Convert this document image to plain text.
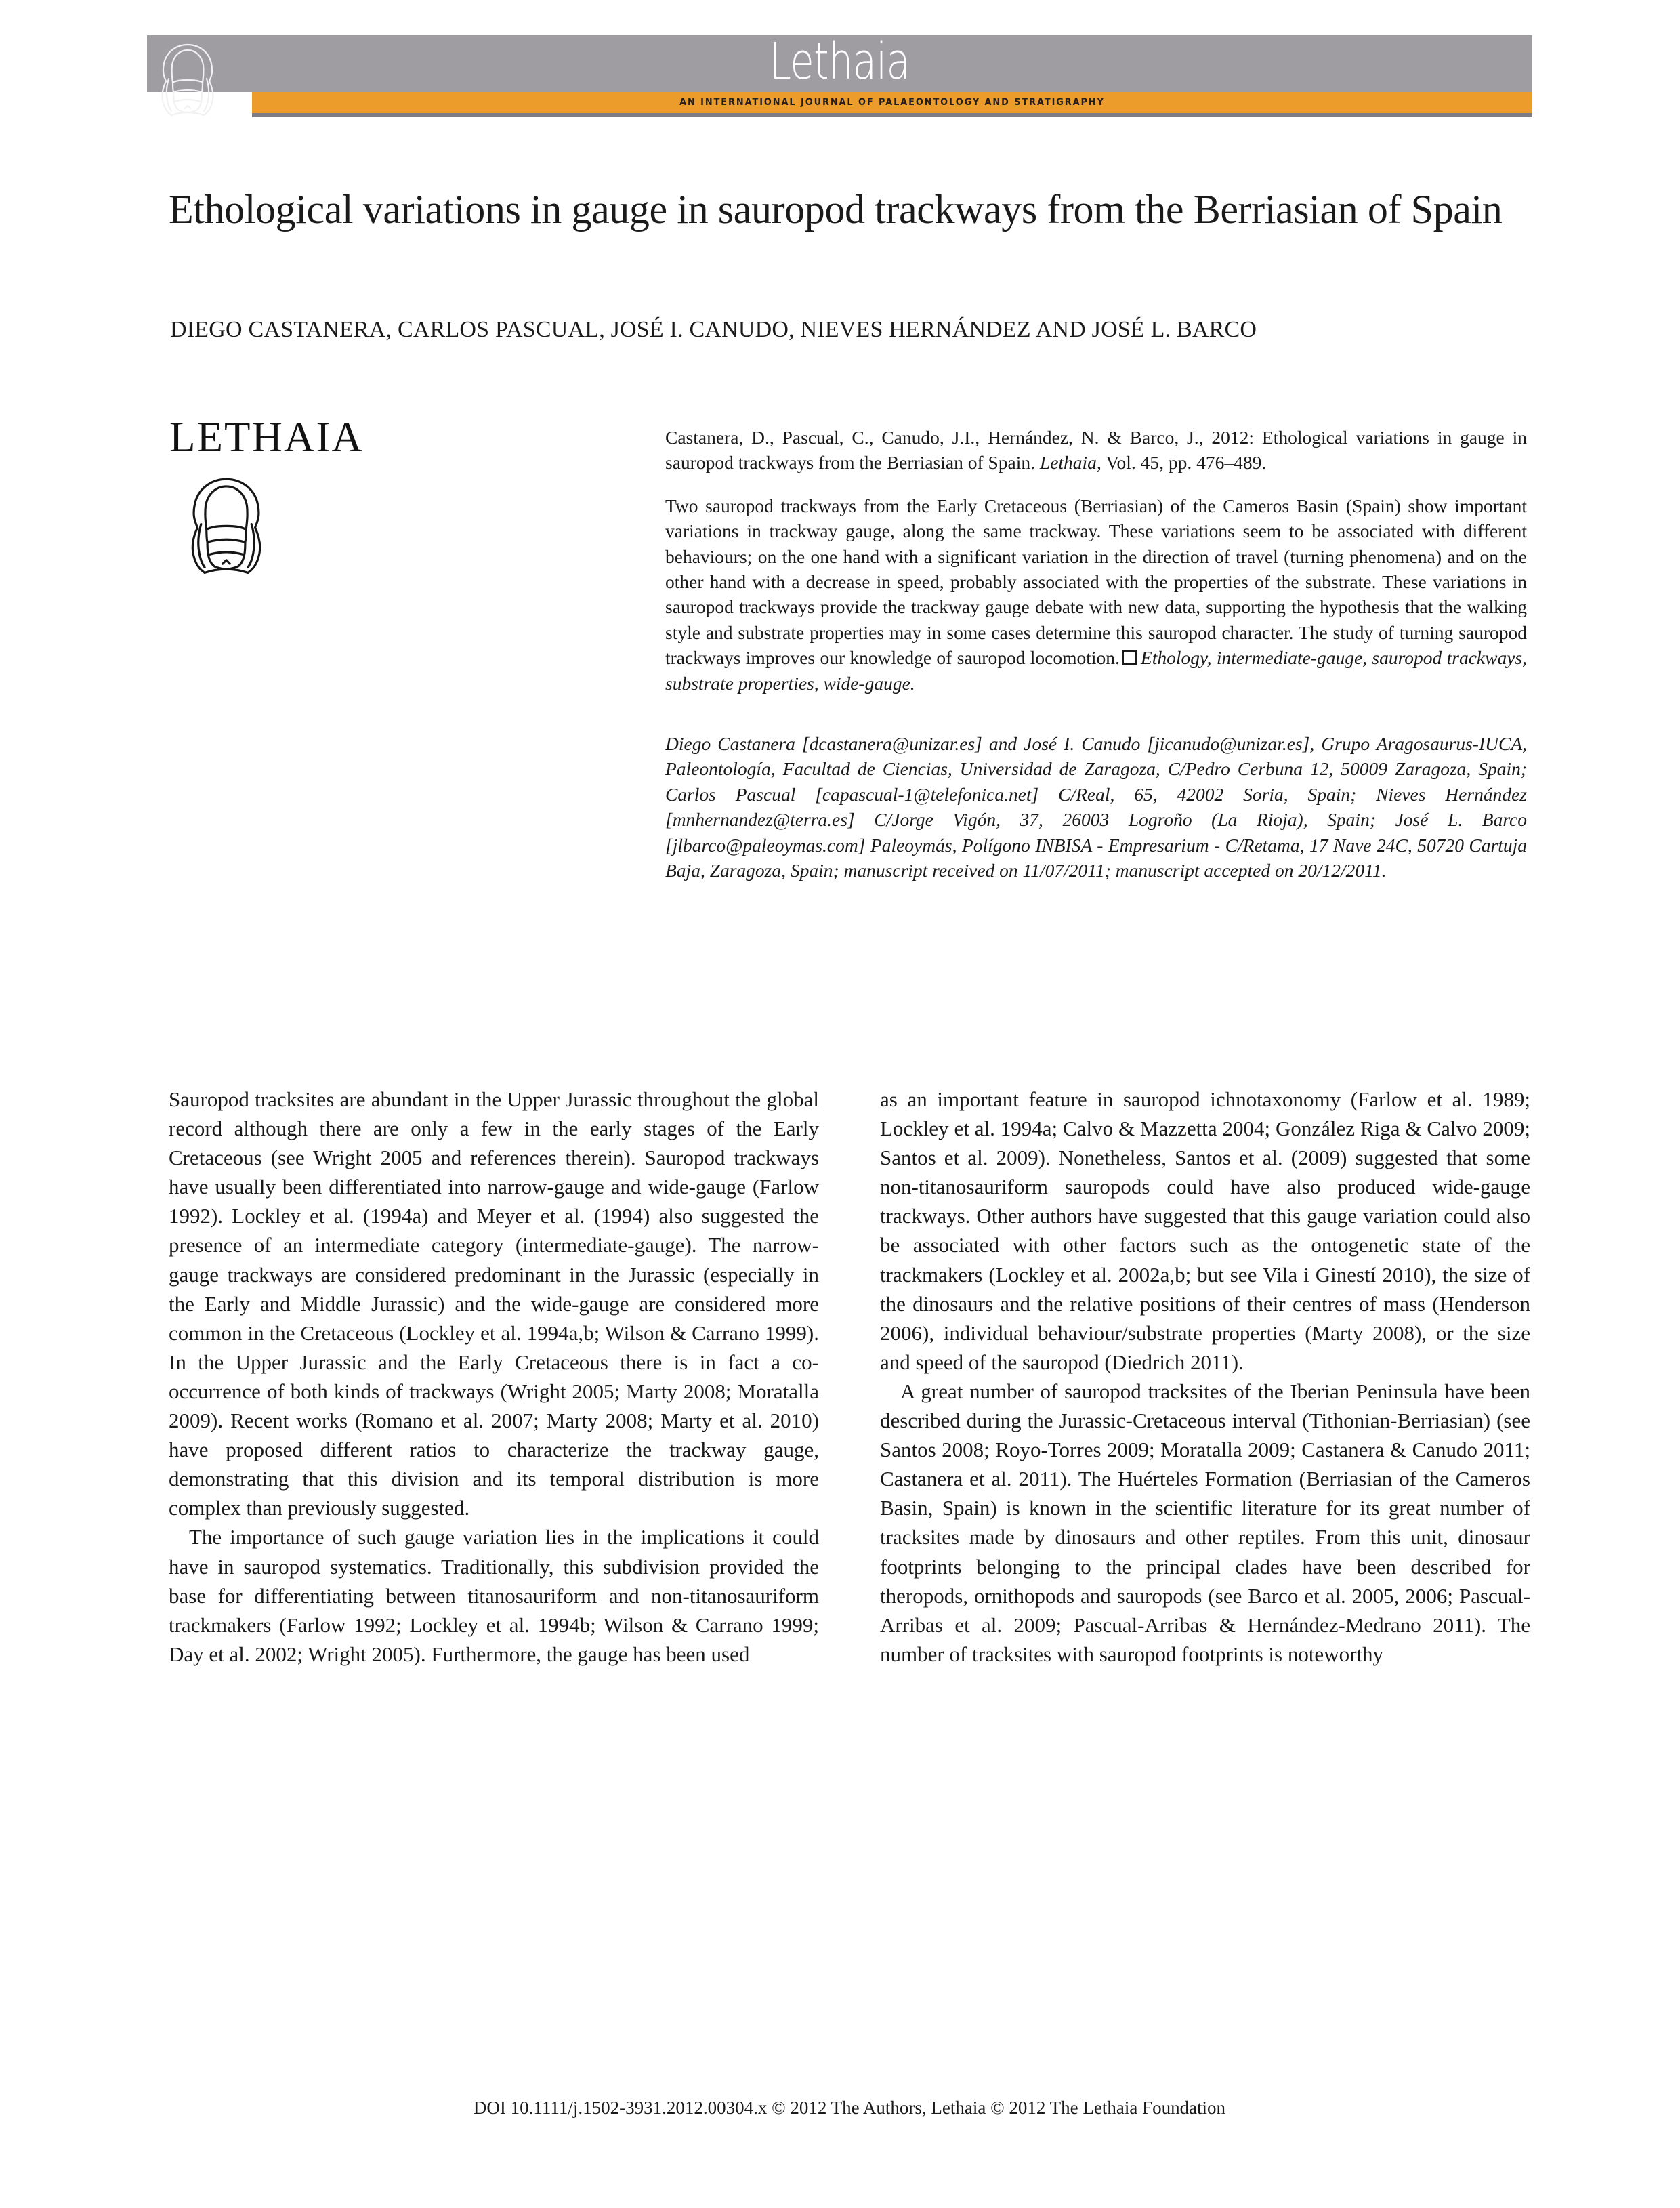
Lethaia
AN INTERNATIONAL JOURNAL OF PALAEONTOLOGY AND STRATIGRAPHY
Ethological variations in gauge in sauropod trackways from the Berriasian of Spain
DIEGO CASTANERA, CARLOS PASCUAL, JOSÉ I. CANUDO, NIEVES HERNÁNDEZ AND JOSÉ L. BARCO
LETHAIA	Castanera, D., Pascual, C., Canudo, J.I., Hernández, N. & Barco, J., 2012: Ethological variations in gauge in sauropod trackways from the Berriasian of Spain. Lethaia, Vol. 45, pp. 476–489.
Two sauropod trackways from the Early Cretaceous (Berriasian) of the Cameros Basin (Spain) show important variations in trackway gauge, along the same trackway. These variations seem to be associated with different behaviours; on the one hand with a significant variation in the direction of travel (turning phenomena) and on the other hand with a decrease in speed, probably associated with the properties of the substrate. These variations in sauropod trackways provide the trackway gauge debate with new data, supporting the hypothesis that the walking style and substrate properties may in some cases determine this sauropod character. The study of turning sauropod trackways improves our knowledge of sauropod locomotion. Ethology, intermediate-gauge, sauropod trackways, substrate properties, wide-gauge.
Diego Castanera [dcastanera@unizar.es] and José I. Canudo [jicanudo@unizar.es], Grupo Aragosaurus-IUCA, Paleontología, Facultad de Ciencias, Universidad de Zaragoza, C/Pedro Cerbuna 12, 50009 Zaragoza, Spain; Carlos Pascual [capascual-1@telefonica.net] C/Real, 65, 42002 Soria, Spain; Nieves Hernández [mnhernandez@terra.es] C/Jorge Vigón, 37, 26003 Logroño (La Rioja), Spain; José L. Barco [jlbarco@paleoymas.com] Paleoymás, Polígono INBISA - Empresarium - C/Retama, 17 Nave 24C, 50720 Cartuja Baja, Zaragoza, Spain; manuscript received on 11/07/2011; manuscript accepted on 20/12/2011.

Sauropod tracksites are abundant in the Upper Jurassic throughout the global record although there are only a few in the early stages of the Early Cretaceous (see Wright 2005 and references therein). Sauropod trackways have usually been differentiated into narrow-gauge and wide-gauge (Farlow 1992). Lockley et al. (1994a) and Meyer et al. (1994) also suggested the presence of an intermediate category (intermediate-gauge). The narrow-gauge trackways are considered predominant in the Jurassic (especially in the Early and Middle Jurassic) and the wide-gauge are considered more common in the Cretaceous (Lockley et al. 1994a,b; Wilson & Carrano 1999). In the Upper Jurassic and the Early Cretaceous there is in fact a co-occurrence of both kinds of trackways (Wright 2005; Marty 2008; Moratalla 2009). Recent works (Romano et al. 2007; Marty 2008; Marty et al. 2010) have proposed different ratios to characterize the trackway gauge, demonstrating that this division and its temporal distribution is more complex than previously suggested.

The importance of such gauge variation lies in the implications it could have in sauropod systematics. Traditionally, this subdivision provided the base for differentiating between titanosauriform and non-titanosauriform trackmakers (Farlow 1992; Lockley et al. 1994b; Wilson & Carrano 1999; Day et al. 2002; Wright 2005). Furthermore, the gauge has been used

as an important feature in sauropod ichnotaxonomy (Farlow et al. 1989; Lockley et al. 1994a; Calvo & Mazzetta 2004; González Riga & Calvo 2009; Santos et al. 2009). Nonetheless, Santos et al. (2009) suggested that some non-titanosauriform sauropods could have also produced wide-gauge trackways. Other authors have suggested that this gauge variation could also be associated with other factors such as the ontogenetic state of the trackmakers (Lockley et al. 2002a,b; but see Vila i Ginestí 2010), the size of the dinosaurs and the relative positions of their centres of mass (Henderson 2006), individual behaviour/substrate properties (Marty 2008), or the size and speed of the sauropod (Diedrich 2011).

A great number of sauropod tracksites of the Iberian Peninsula have been described during the Jurassic-Cretaceous interval (Tithonian-Berriasian) (see Santos 2008; Royo-Torres 2009; Moratalla 2009; Castanera & Canudo 2011; Castanera et al. 2011). The Huérteles Formation (Berriasian of the Cameros Basin, Spain) is known in the scientific literature for its great number of tracksites made by dinosaurs and other reptiles. From this unit, dinosaur footprints belonging to the principal clades have been described for theropods, ornithopods and sauropods (see Barco et al. 2005, 2006; Pascual-Arribas et al. 2009; Pascual-Arribas & Hernández-Medrano 2011). The number of tracksites with sauropod footprints is noteworthy

DOI 10.1111/j.1502-3931.2012.00304.x © 2012 The Authors, Lethaia © 2012 The Lethaia Foundation
